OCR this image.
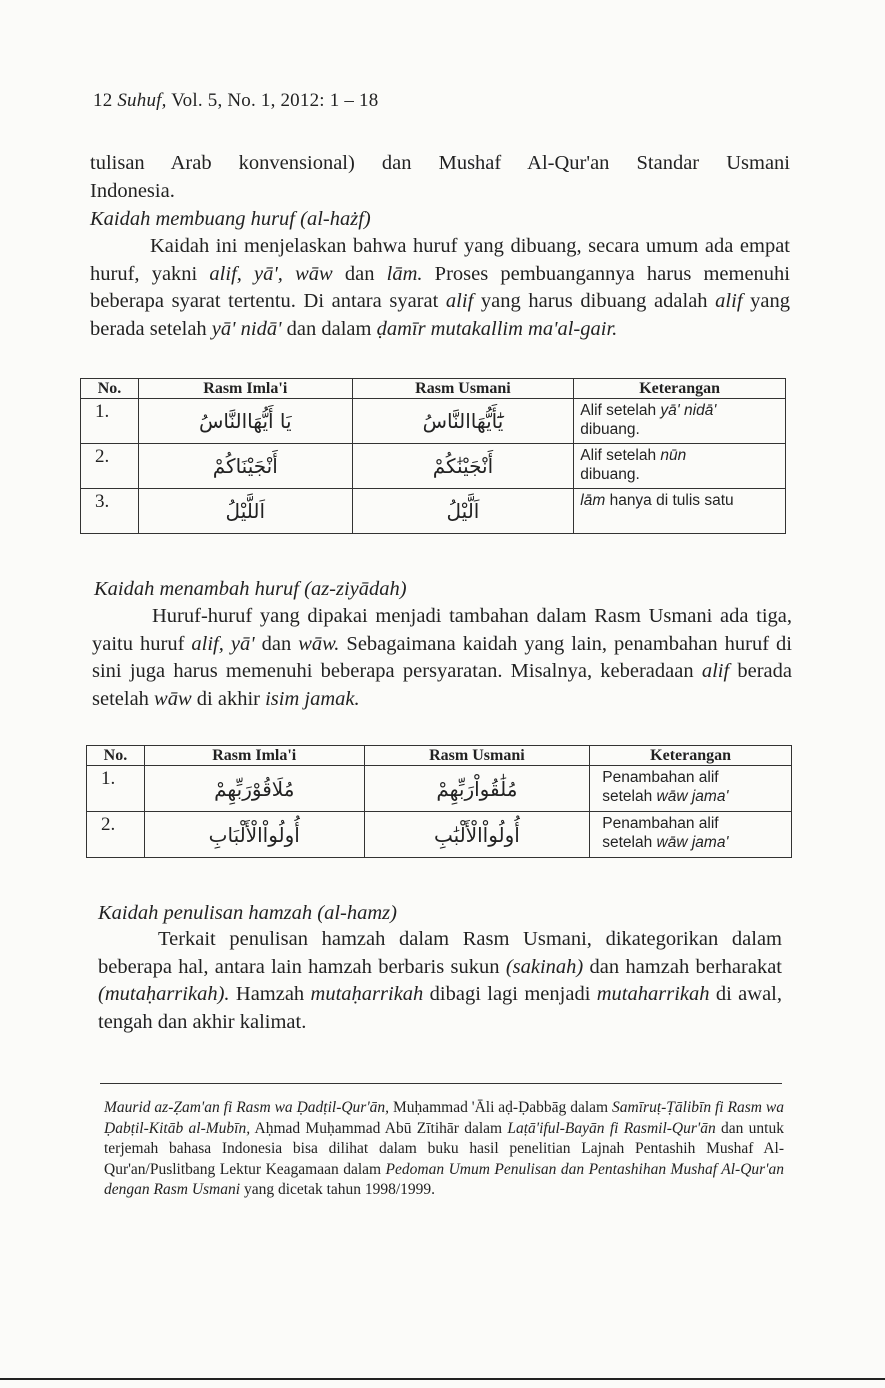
12 Suhuf, Vol. 5, No. 1, 2012: 1 – 18
tulisan Arab konvensional) dan Mushaf Al-Qur'an Standar Usmani
Indonesia.
Kaidah membuang huruf (al-hażf)
Kaidah ini menjelaskan bahwa huruf yang dibuang, secara umum ada empat huruf, yakni alif, yā', wāw dan lām. Proses pembuangannya harus memenuhi beberapa syarat tertentu. Di antara syarat alif yang harus dibuang adalah alif yang berada setelah yā' nidā' dan dalam ḍamīr mutakallim ma'al-gair.
No.	Rasm Imla'i	Rasm Usmani	Keterangan
1.	يَا أَيُّهَاالنَّاسُ	يَٰٓأَيُّهَاالنَّاسُ	Alif setelah yā' nidā'
dibuang.
2.	أَنْجَيْنَاكُمْ	أَنْجَيْنَٰكُمْ	Alif setelah nūn
dibuang.
3.	اَللَّيْلُ	اَلَّيْلُ	lām hanya di tulis satu
Kaidah menambah huruf (az-ziyādah)
Huruf-huruf yang dipakai menjadi tambahan dalam Rasm Usmani ada tiga, yaitu huruf alif, yā' dan wāw. Sebagaimana kaidah yang lain, penambahan huruf di sini juga harus memenuhi beberapa persyaratan. Misalnya, keberadaan alif berada setelah wāw di akhir isim jamak.
No.	Rasm Imla'i	Rasm Usmani	Keterangan
1.	مُلَاقُوْرَبِّهِمْ	مُلَٰقُواْرَبِّهِمْ	Penambahan alif
setelah wāw jama'
2.	أُولُواْالْأَلْبَابِ	أُولُواْالْأَلْبَٰبِ	Penambahan alif
setelah wāw jama'
Kaidah penulisan hamzah (al-hamz)
Terkait penulisan hamzah dalam Rasm Usmani, dikategorikan dalam beberapa hal, antara lain hamzah berbaris sukun (sakinah) dan hamzah berharakat (mutaḥarrikah). Hamzah mutaḥarrikah dibagi lagi menjadi mutaharrikah di awal, tengah dan akhir kalimat.
Maurid az-Ẓam'an fi Rasm wa Ḍadṭil-Qur'ān, Muḥammad 'Āli aḍ-Ḍabbāg dalam Samīruṭ-Ṭālibīn fi Rasm wa Ḍabṭil-Kitāb al-Mubīn, Aḥmad Muḥammad Abū Zītihār dalam Laṭā'iful-Bayān fi Rasmil-Qur'ān dan untuk terjemah bahasa Indonesia bisa dilihat dalam buku hasil penelitian Lajnah Pentashih Mushaf Al-Qur'an/Puslitbang Lektur Keagamaan dalam Pedoman Umum Penulisan dan Pentashihan Mushaf Al-Qur'an dengan Rasm Usmani yang dicetak tahun 1998/1999.
